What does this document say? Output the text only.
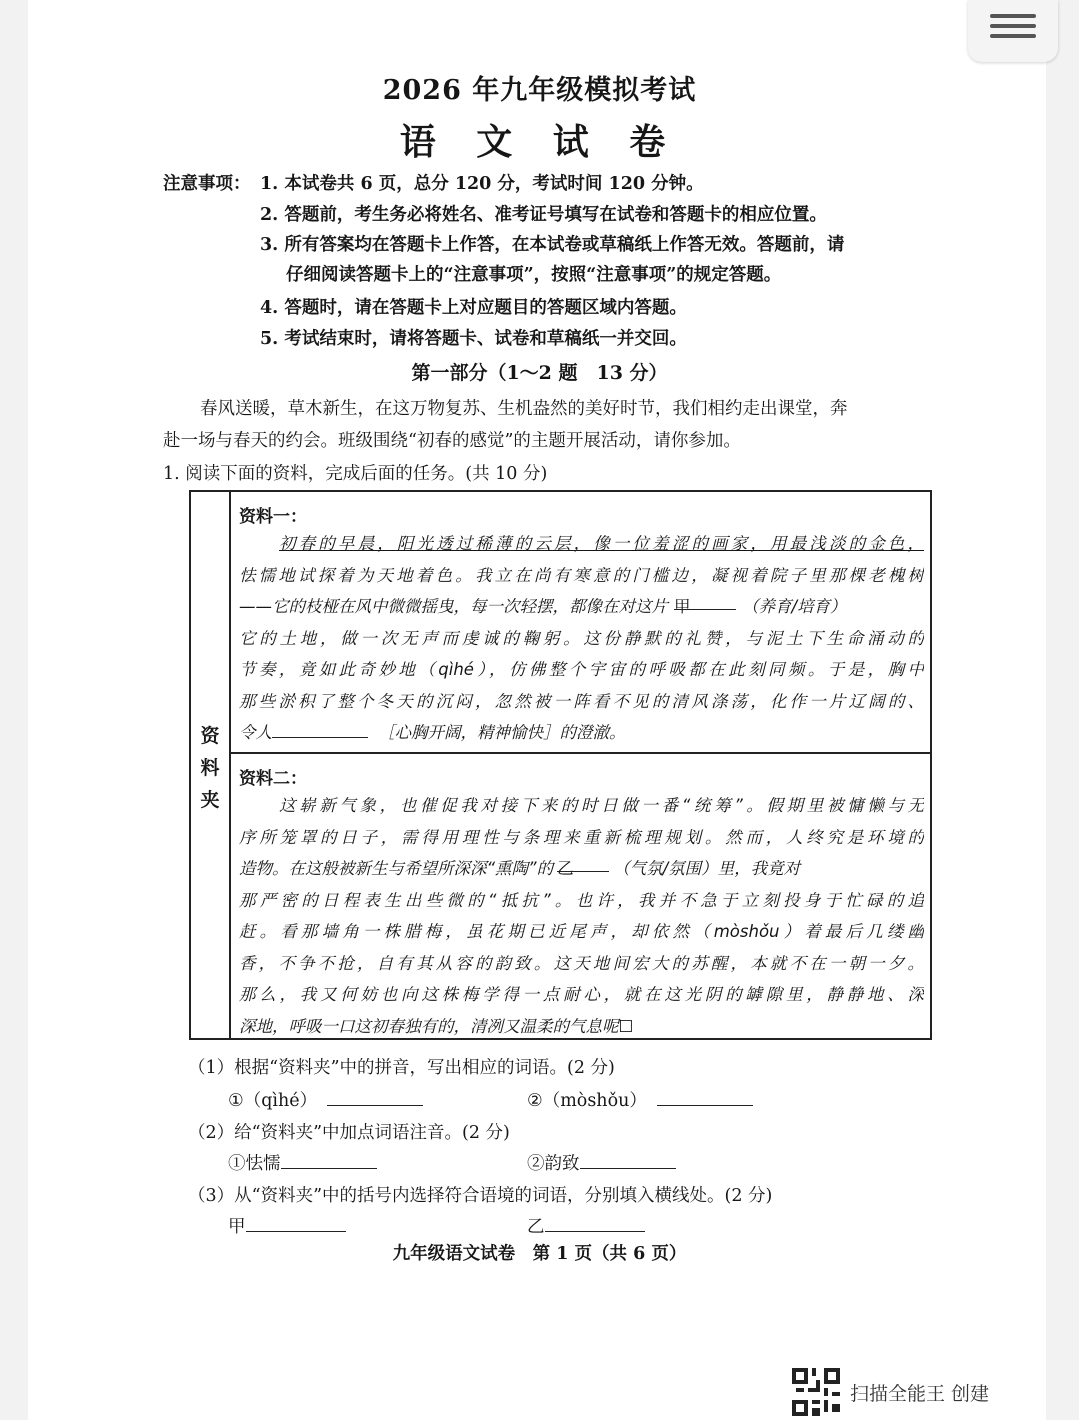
2026 年九年级模拟考试
语 文 试 卷
注意事项： 1. 本试卷共 6 页，总分 120 分，考试时间 120 分钟。
2. 答题前，考生务必将姓名、准考证号填写在试卷和答题卡的相应位置。
3. 所有答案均在答题卡上作答，在本试卷或草稿纸上作答无效。答题前，请
仔细阅读答题卡上的“注意事项”，按照“注意事项”的规定答题。
4. 答题时，请在答题卡上对应题目的答题区域内答题。
5. 考试结束时，请将答题卡、试卷和草稿纸一并交回。
第一部分（1～2 题　13 分）
春风送暖，草木新生，在这万物复苏、生机盎然的美好时节，我们相约走出课堂，奔
赴一场与春天的约会。班级围绕“初春的感觉”的主题开展活动，请你参加。
1. 阅读下面的资料，完成后面的任务。(共 10 分)
资料夹
资料一：
初春的早晨，阳光透过稀薄的云层，像一位羞涩的画家，用最浅淡的金色，
怯懦地试探着为天地着色。我立在尚有寒意的门槛边，凝视着院子里那棵老槐树
——它的枝桠在风中微微摇曳，每一次轻摆，都像在对这片 甲	（养育/培育）
它的土地，做一次无声而虔诚的鞠躬。这份静默的礼赞，与泥土下生命涌动的
节奏，竟如此奇妙地（qìhé），仿佛整个宇宙的呼吸都在此刻同频。于是，胸中
那些淤积了整个冬天的沉闷，忽然被一阵看不见的清风涤荡，化作一片辽阔的、
令人	［心胸开阔，精神愉快］的澄澈。
资料二：
这崭新气象，也催促我对接下来的时日做一番“统筹”。假期里被慵懒与无
序所笼罩的日子，需得用理性与条理来重新梳理规划。然而，人终究是环境的
造物。在这般被新生与希望所深深“熏陶”的 乙 （气氛/氛围）里，我竟对
那严密的日程表生出些微的“抵抗”。也许，我并不急于立刻投身于忙碌的追
赶。看那墙角一株腊梅，虽花期已近尾声，却依然（mòshǒu）着最后几缕幽
香，不争不抢，自有其从容的韵致。这天地间宏大的苏醒，本就不在一朝一夕。
那么，我又何妨也向这株梅学得一点耐心，就在这光阴的罅隙里，静静地、深
深地，呼吸一口这初春独有的，清冽又温柔的气息呢☐
（1）根据“资料夹”中的拼音，写出相应的词语。(2 分)
①（qìhé）	②（mòshǒu）
（2）给“资料夹”中加点词语注音。(2 分)
①怯懦	②韵致
（3）从“资料夹”中的括号内选择符合语境的词语，分别填入横线处。(2 分)
甲	乙
九年级语文试卷　第 1 页（共 6 页）
扫描全能王 创建
